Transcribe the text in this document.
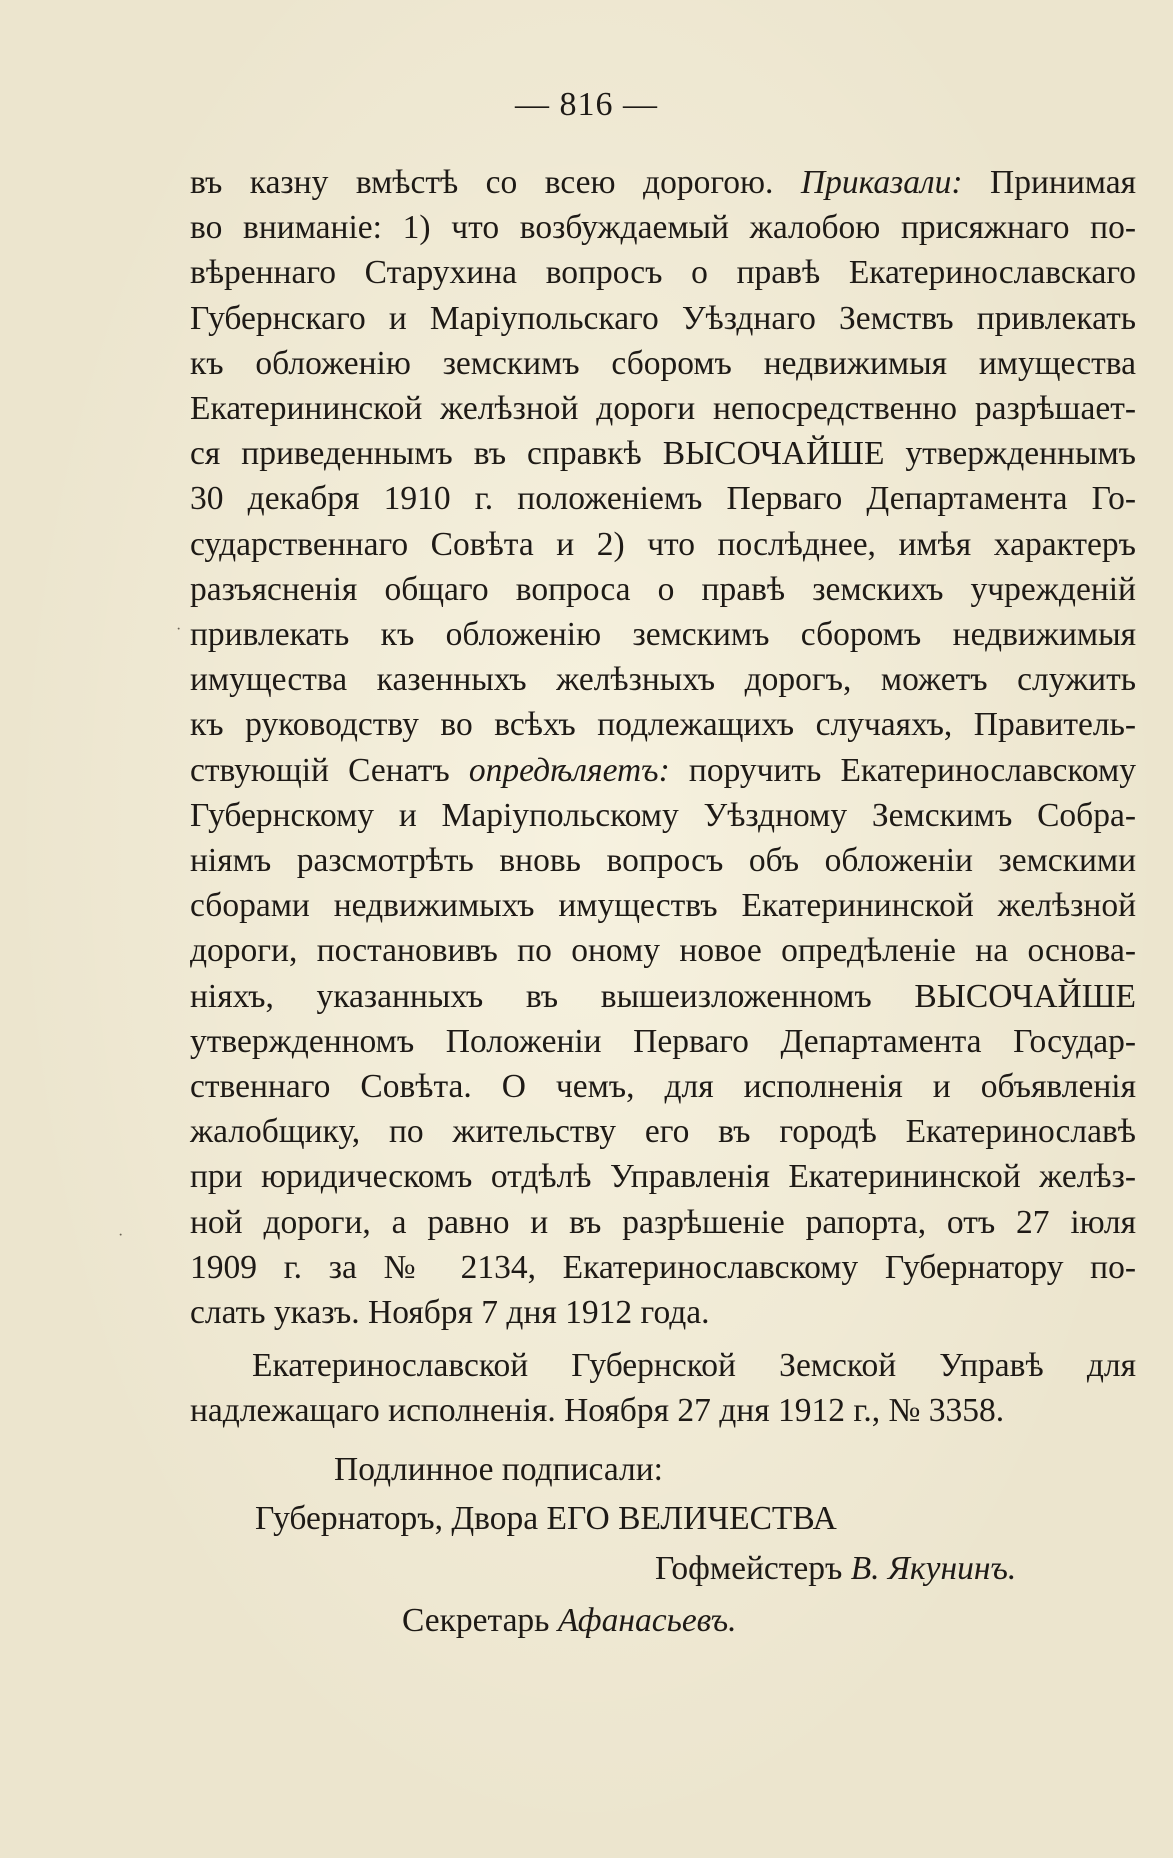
— 816 —
въ казну вмѣстѣ со всею дорогою. Приказали: Принимая
во вниманіе: 1) что возбуждаемый жалобою присяжнаго по-
вѣреннаго Старухина вопросъ о правѣ Екатеринославскаго
Губернскаго и Маріупольскаго Уѣзднаго Земствъ привлекать
къ обложенію земскимъ сборомъ недвижимыя имущества
Екатерининской желѣзной дороги непосредственно разрѣшает-
ся приведеннымъ въ справкѣ ВЫСОЧАЙШЕ утвержденнымъ
30 декабря 1910 г. положеніемъ Перваго Департамента Го-
сударственнаго Совѣта и 2) что послѣднее, имѣя характеръ
разъясненія общаго вопроса о правѣ земскихъ учрежденій
привлекать къ обложенію земскимъ сборомъ недвижимыя
имущества казенныхъ желѣзныхъ дорогъ, можетъ служить
къ руководству во всѣхъ подлежащихъ случаяхъ, Правитель-
ствующій Сенатъ опредѣляетъ: поручить Екатеринославскому
Губернскому и Маріупольскому Уѣздному Земскимъ Собра-
ніямъ разсмотрѣть вновь вопросъ объ обложеніи земскими
сборами недвижимыхъ имуществъ Екатерининской желѣзной
дороги, постановивъ по оному новое опредѣленіе на основа-
ніяхъ, указанныхъ въ вышеизложенномъ ВЫСОЧАЙШЕ
утвержденномъ Положеніи Перваго Департамента Государ-
ственнаго Совѣта. О чемъ, для исполненія и объявленія
жалобщику, по жительству его въ городѣ Екатеринославѣ
при юридическомъ отдѣлѣ Управленія Екатерининской желѣз-
ной дороги, а равно и въ разрѣшеніе рапорта, отъ 27 іюля
1909 г. за № 2134, Екатеринославскому Губернатору по-
слать указъ. Ноября 7 дня 1912 года.
Екатеринославской Губернской Земской Управѣ для
надлежащаго исполненія. Ноября 27 дня 1912 г., № 3358.
Подлинное подписали:
Губернаторъ, Двора ЕГО ВЕЛИЧЕСТВА
Гофмейстеръ В. Якунинъ.
Секретарь Афанасьевъ.
·
·
